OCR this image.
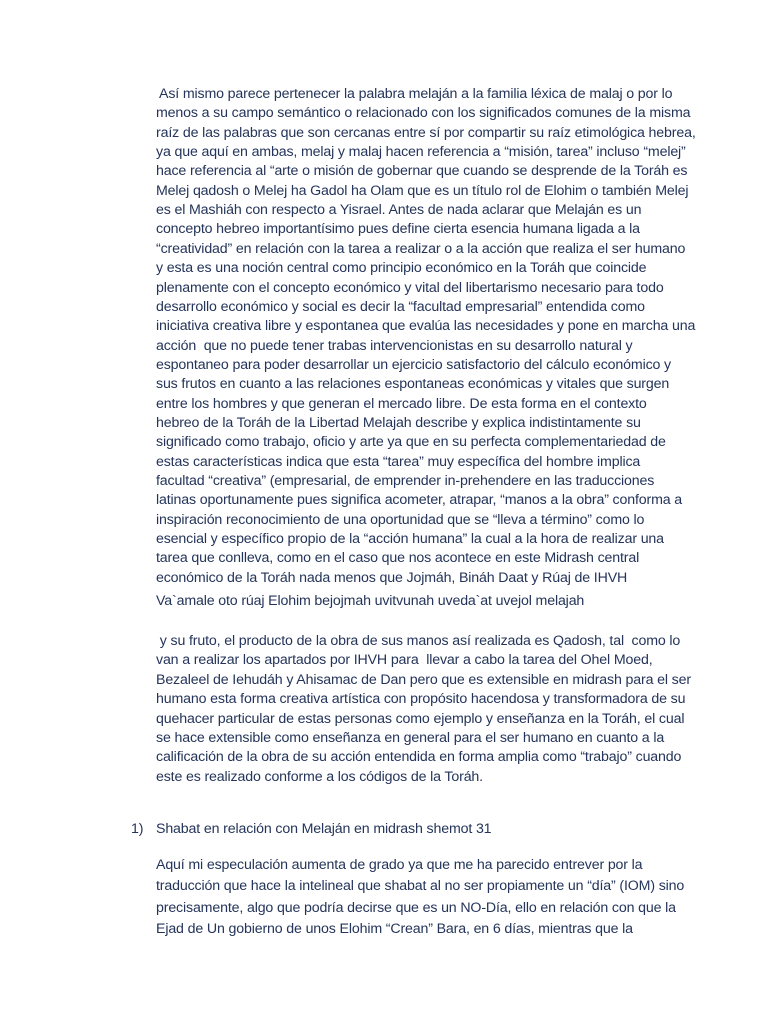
Así mismo parece pertenecer la palabra melaján a la familia léxica de malaj o por lo
menos a su campo semántico o relacionado con los significados comunes de la misma
raíz de las palabras que son cercanas entre sí por compartir su raíz etimológica hebrea,
ya que aquí en ambas, melaj y malaj hacen referencia a “misión, tarea” incluso “melej”
hace referencia al “arte o misión de gobernar que cuando se desprende de la Toráh es
Melej qadosh o Melej ha Gadol ha Olam que es un título rol de Elohim o también Melej
es el Mashiáh con respecto a Yisrael. Antes de nada aclarar que Melaján es un
concepto hebreo importantísimo pues define cierta esencia humana ligada a la
“creatividad” en relación con la tarea a realizar o a la acción que realiza el ser humano
y esta es una noción central como principio económico en la Toráh que coincide
plenamente con el concepto económico y vital del libertarismo necesario para todo
desarrollo económico y social es decir la “facultad empresarial” entendida como
iniciativa creativa libre y espontanea que evalúa las necesidades y pone en marcha una
acción  que no puede tener trabas intervencionistas en su desarrollo natural y
espontaneo para poder desarrollar un ejercicio satisfactorio del cálculo económico y
sus frutos en cuanto a las relaciones espontaneas económicas y vitales que surgen
entre los hombres y que generan el mercado libre. De esta forma en el contexto
hebreo de la Toráh de la Libertad Melajah describe y explica indistintamente su
significado como trabajo, oficio y arte ya que en su perfecta complementariedad de
estas características indica que esta “tarea” muy específica del hombre implica
facultad “creativa” (empresarial, de emprender in-prehendere en las traducciones
latinas oportunamente pues significa acometer, atrapar, “manos a la obra” conforma a
inspiración reconocimiento de una oportunidad que se “lleva a término” como lo
esencial y específico propio de la “acción humana” la cual a la hora de realizar una
tarea que conlleva, como en el caso que nos acontece en este Midrash central
económico de la Toráh nada menos que Jojmáh, Bináh Daat y Rúaj de IHVH
Va`amale oto rúaj Elohim bejojmah uvitvunah uveda`at uvejol melajah
y su fruto, el producto de la obra de sus manos así realizada es Qadosh, tal  como lo
van a realizar los apartados por IHVH para  llevar a cabo la tarea del Ohel Moed,
Bezaleel de Iehudáh y Ahisamac de Dan pero que es extensible en midrash para el ser
humano esta forma creativa artística con propósito hacendosa y transformadora de su
quehacer particular de estas personas como ejemplo y enseñanza en la Toráh, el cual
se hace extensible como enseñanza en general para el ser humano en cuanto a la
calificación de la obra de su acción entendida en forma amplia como “trabajo” cuando
este es realizado conforme a los códigos de la Toráh.
1) Shabat en relación con Melaján en midrash shemot 31
Aquí mi especulación aumenta de grado ya que me ha parecido entrever por la
traducción que hace la intelineal que shabat al no ser propiamente un “día” (IOM) sino
precisamente, algo que podría decirse que es un NO-Día, ello en relación con que la
Ejad de Un gobierno de unos Elohim “Crean” Bara, en 6 días, mientras que la
